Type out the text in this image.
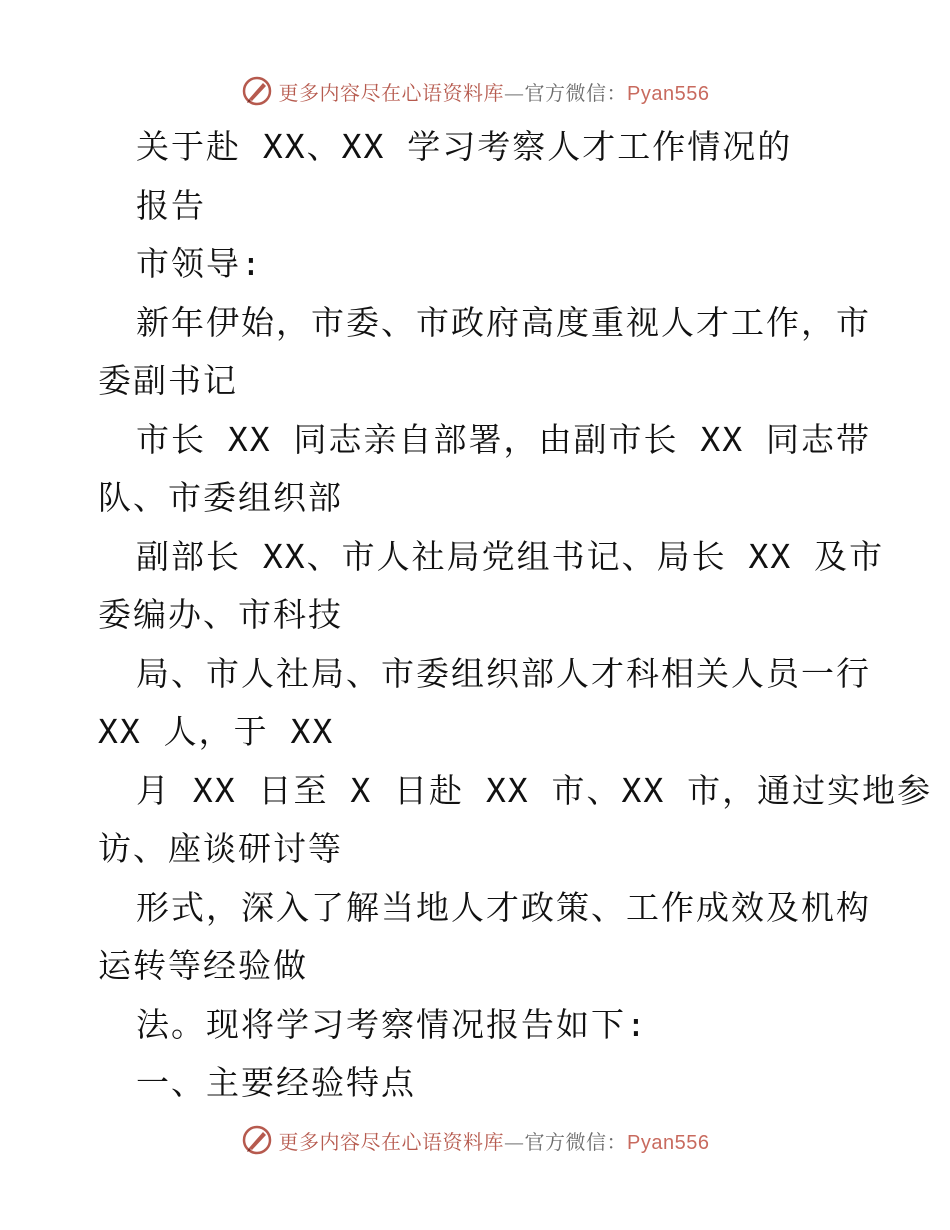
更多内容尽在心语资料库—官方微信：Pyan556
关于赴 XX、XX 学习考察人才工作情况的
报告
市领导:
新年伊始，市委、市政府高度重视人才工作，市
委副书记
市长 XX 同志亲自部署，由副市长 XX 同志带
队、市委组织部
副部长 XX、市人社局党组书记、局长 XX 及市
委编办、市科技
局、市人社局、市委组织部人才科相关人员一行
XX 人，于 XX
月 XX 日至 X 日赴 XX 市、XX 市，通过实地参
访、座谈研讨等
形式，深入了解当地人才政策、工作成效及机构
运转等经验做
法。现将学习考察情况报告如下:
一、主要经验特点
更多内容尽在心语资料库—官方微信：Pyan556
